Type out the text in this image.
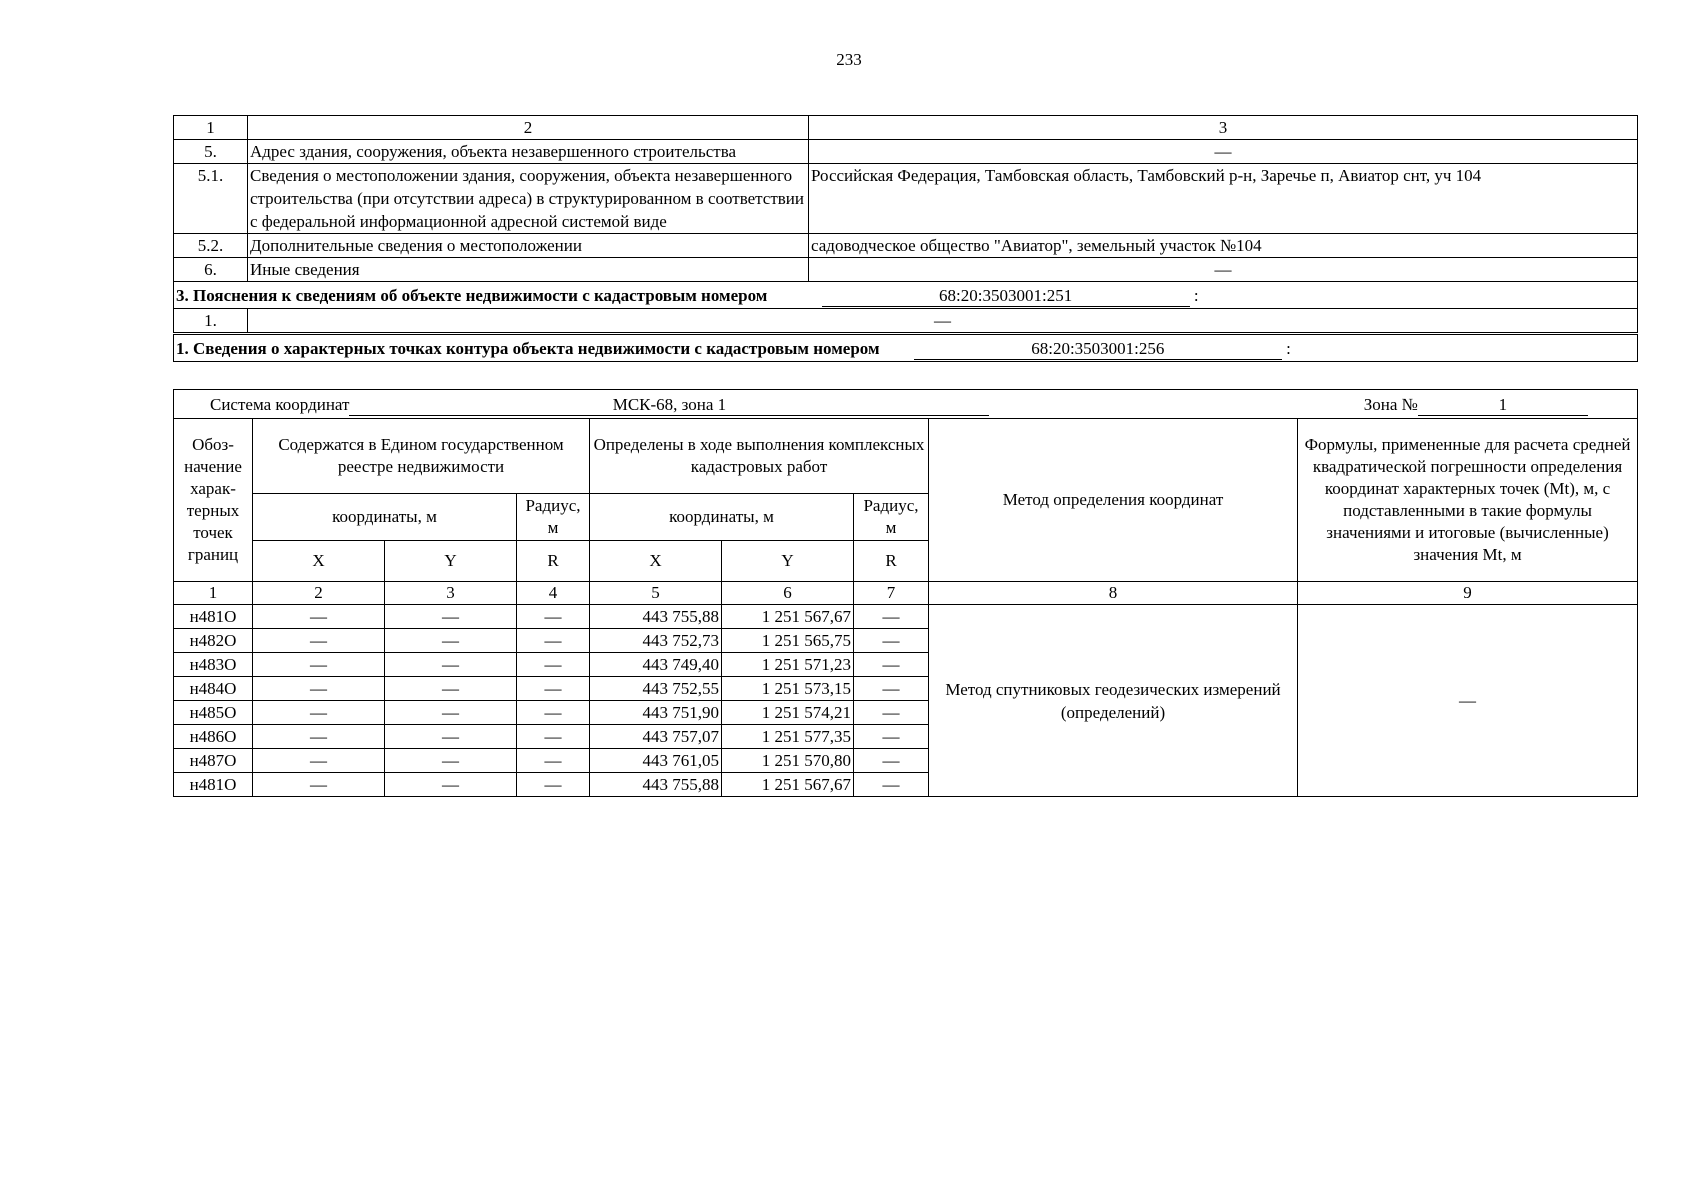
233
1	2	3
5.	Адрес здания, сооружения, объекта незавершенного строительства	—
5.1.	Сведения о местоположении здания, сооружения, объекта незавершенного строительства (при отсутствии адреса) в структурированном в соответствии с федеральной информационной адресной системой виде	Российская Федерация, Тамбовская область, Тамбовский р-н, Заречье п, Авиатор снт, уч 104
5.2.	Дополнительные сведения о местоположении	садоводческое общество "Авиатор", земельный участок №104
6.	Иные сведения	—
3. Пояснения к сведениям об объекте недвижимости с кадастровым номером 68:20:3503001:251 :		
1.	—	
1. Сведения о характерных точках контура объекта недвижимости с кадастровым номером 68:20:3503001:256 :		
Система координат МСК-68, зона 1 Зона № 1								
Обоз-начение харак-терных точек границ	Содержатся в Едином государственном реестре недвижимости			Определены в ходе выполнения комплексных кадастровых работ			Метод определения координат	Формулы, примененные для расчета средней квадратической погрешности определения координат характерных точек (Mt), м, с подставленными в такие формулы значениями и итоговые (вычисленные) значения Mt, м
	координаты, м		Радиус, м	координаты, м		Радиус, м		
	X	Y	R	X	Y	R		
1	2	3	4	5	6	7	8	9
н481О	—	—	—	443 755,88	1 251 567,67	—	Метод спутниковых геодезических измерений (определений)	—
н482О	—	—	—	443 752,73	1 251 565,75	—		
н483О	—	—	—	443 749,40	1 251 571,23	—		
н484О	—	—	—	443 752,55	1 251 573,15	—		
н485О	—	—	—	443 751,90	1 251 574,21	—		
н486О	—	—	—	443 757,07	1 251 577,35	—		
н487О	—	—	—	443 761,05	1 251 570,80	—		
н481О	—	—	—	443 755,88	1 251 567,67	—		
